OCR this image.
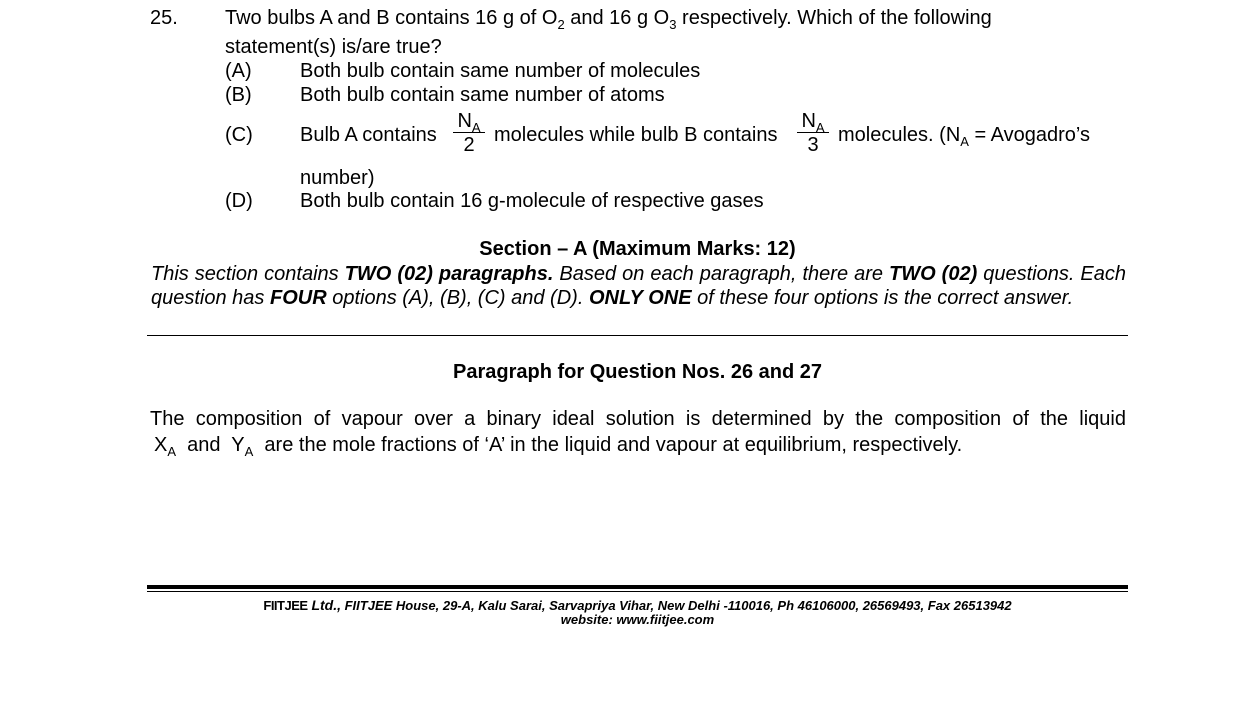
25. Two bulbs A and B contains 16 g of $O_2$ and 16 g $O_3$ respectively. Which of the following
statement(s) is/are true?
(A) Both bulb contain same number of molecules
(B) Both bulb contain same number of atoms
(C) Bulb A contains
$N_A$
2 molecules while bulb B contains
$N_A$
3 molecules. ($N_A$ = Avogadro’s
number)
(D) Both bulb contain 16 g-molecule of respective gases
Section – A (Maximum Marks: 12)
This section contains TWO (02) paragraphs. Based on each paragraph, there are TWO (02) questions. Each question has FOUR options (A), (B), (C) and (D). ONLY ONE of these four options is the correct answer.
Paragraph for Question Nos. 26 and 27
The composition of vapour over a binary ideal solution is determined by the composition of the liquid
$X_A$ and $Y_A$ are the mole fractions of ‘A’ in the liquid and vapour at equilibrium, respectively.
FIITJEE Ltd., FIITJEE House, 29-A, Kalu Sarai, Sarvapriya Vihar, New Delhi -110016, Ph 46106000, 26569493, Fax 26513942
website: www.fiitjee.com
